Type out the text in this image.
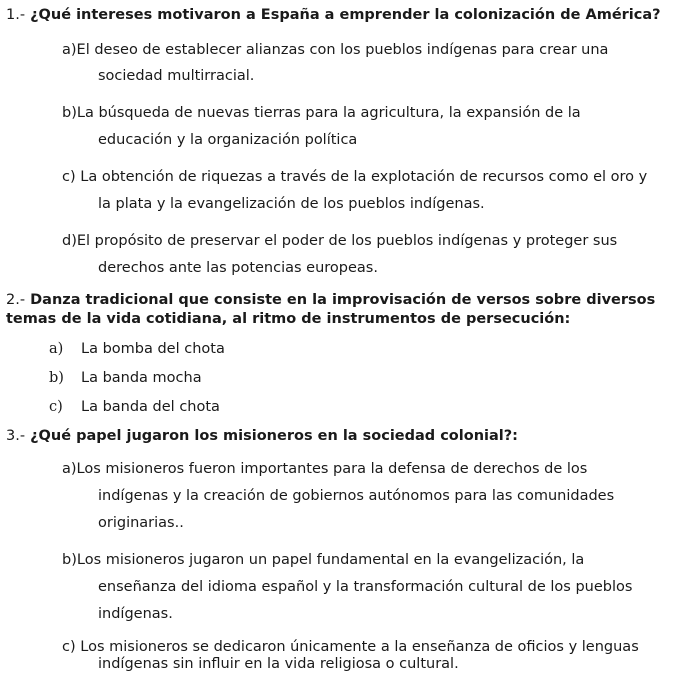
1.- ¿Qué intereses motivaron a España a emprender la colonización de América?
a)El deseo de establecer alianzas con los pueblos indígenas para crear una
sociedad multirracial.
b)La búsqueda de nuevas tierras para la agricultura, la expansión de la
educación y la organización política
c) La obtención de riquezas a través de la explotación de recursos como el oro y
la plata y la evangelización de los pueblos indígenas.
d)El propósito de preservar el poder de los pueblos indígenas y proteger sus
derechos ante las potencias europeas.
2.- Danza tradicional que consiste en la improvisación de versos sobre diversos
temas de la vida cotidiana, al ritmo de instrumentos de persecución:
a) La bomba del chota
b) La banda mocha
c) La banda del chota
3.- ¿Qué papel jugaron los misioneros en la sociedad colonial?:
a)Los misioneros fueron importantes para la defensa de derechos de los
indígenas y la creación de gobiernos autónomos para las comunidades
originarias..
b)Los misioneros jugaron un papel fundamental en la evangelización, la
enseñanza del idioma español y la transformación cultural de los pueblos
indígenas.
c) Los misioneros se dedicaron únicamente a la enseñanza de oficios y lenguas
indígenas sin influir en la vida religiosa o cultural.
